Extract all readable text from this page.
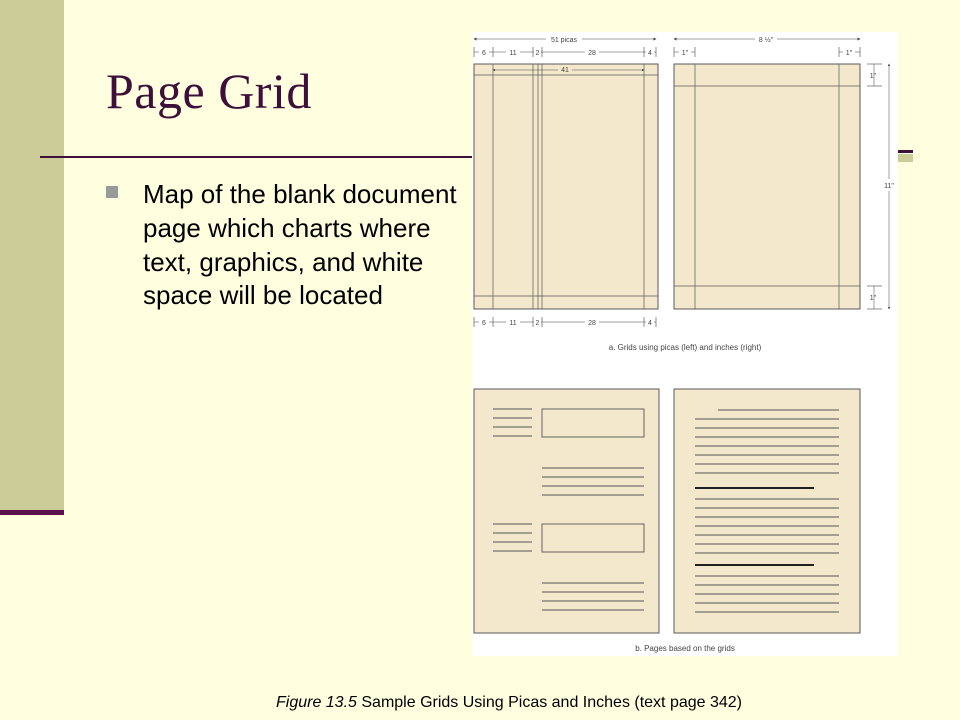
Page Grid
Map of the blank document page which charts where text, graphics, and white space will be located
51 picas
6	11	2	28	4
41
6	11	2	28	4
8 ½"
1"	1"
1"
1"
11"
a. Grids using picas (left) and inches (right)
b. Pages based on the grids
Figure 13.5 Sample Grids Using Picas and Inches (text page 342)
